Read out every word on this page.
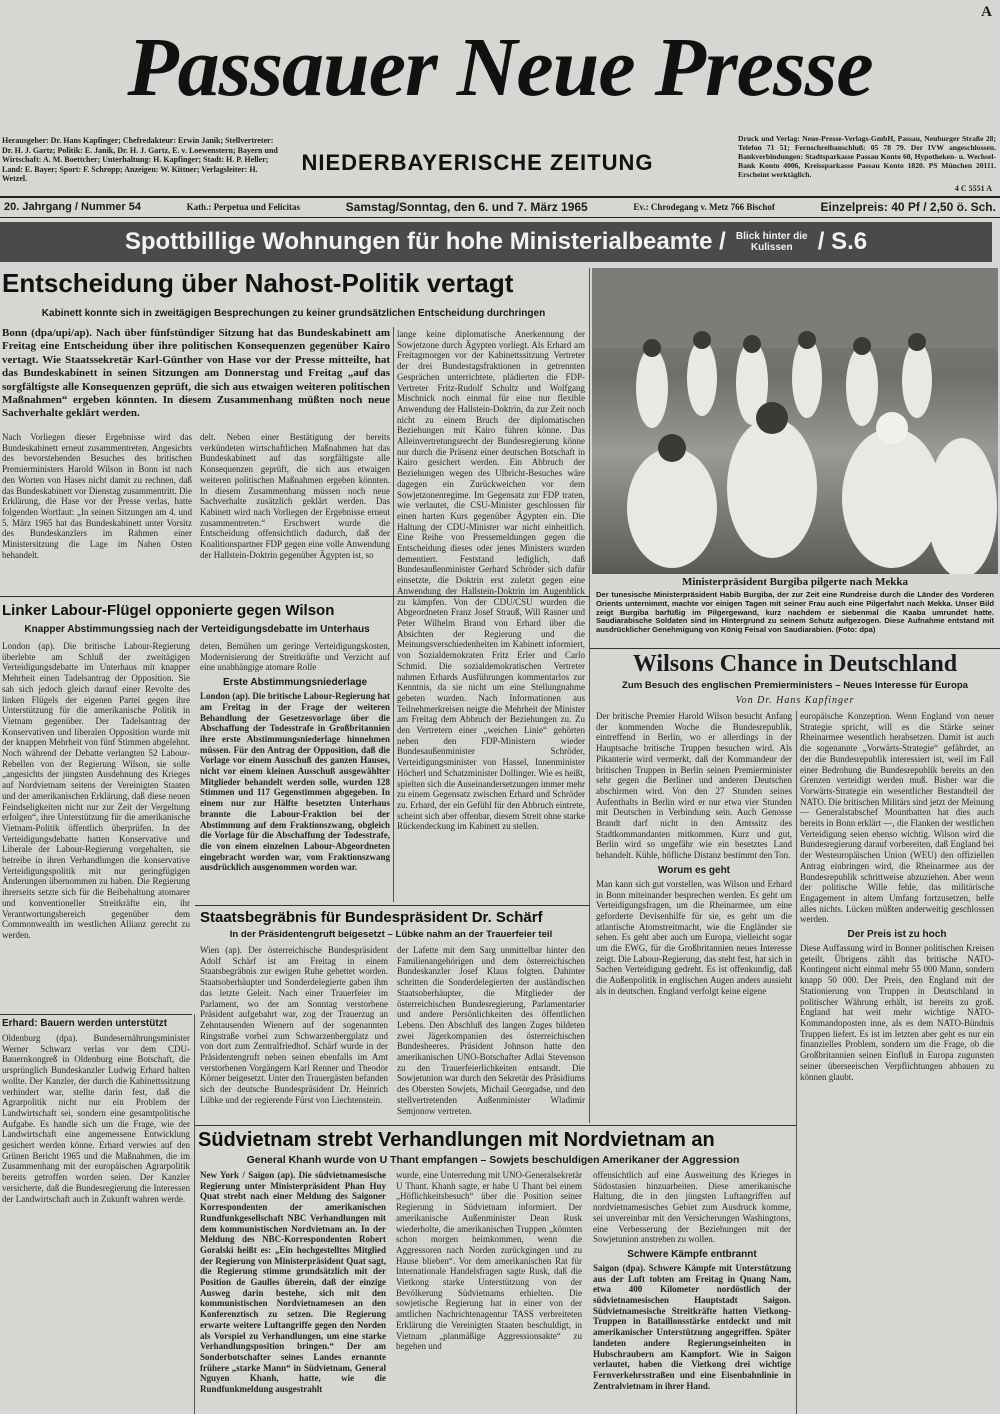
A
Passauer Neue Presse
Herausgeber: Dr. Hans Kapfinger; Chefredakteur: Erwin Janik; Stellvertreter: Dr. H. J. Gartz; Politik: E. Janik, Dr. H. J. Gartz, E. v. Loewenstern; Bayern und Wirtschaft: A. M. Boettcher; Unterhaltung: H. Kapfinger; Stadt: H. P. Heller; Land: E. Bayer; Sport: F. Schropp; Anzeigen: W. Kittner; Verlagsleiter: H. Wetzel.
NIEDERBAYERISCHE ZEITUNG
Druck und Verlag: Neue-Presse-Verlags-GmbH, Passau, Neuburger Straße 28; Telefon 71 51; Fernschreibanschluß: 05 78 79. Der IVW angeschlossen. Bankverbindungen: Stadtsparkasse Passau Konto 60, Hypotheken- u. Wechsel-Bank Konto 4006, Kreissparkasse Passau Konto 1820. PS München 20111. Erscheint werktäglich.
4 C 5551 A
20. Jahrgang / Nummer 54	Kath.: Perpetua und Felicitas	Samstag/Sonntag, den 6. und 7. März 1965	Ev.: Chrodegang v. Metz 766 Bischof	Einzelpreis: 40 Pf / 2,50 ö. Sch.
Spottbillige Wohnungen für hohe Ministerialbeamte / Blick hinter die Kulissen	/ S.6
Entscheidung über Nahost-Politik vertagt
Kabinett konnte sich in zweitägigen Besprechungen zu keiner grundsätzlichen Entscheidung durchringen
Bonn (dpa/upi/ap). Nach über fünfstündiger Sitzung hat das Bundeskabinett am Freitag eine Entscheidung über ihre politischen Konsequenzen gegenüber Kairo vertagt. Wie Staatssekretär Karl-Günther von Hase vor der Presse mitteilte, hat das Bundeskabinett in seinen Sitzungen am Donnerstag und Freitag „auf das sorgfältigste alle Konsequenzen geprüft, die sich aus etwaigen weiteren politischen Maßnahmen“ ergeben könnten. In diesem Zusammenhang müßten noch neue Sachverhalte geklärt werden.
Nach Vorliegen dieser Ergebnisse wird das Bundeskabinett erneut zusammentreten. Angesichts des bevorstehenden Besuches des britischen Premierministers Harold Wilson in Bonn ist nach den Worten von Hases nicht damit zu rechnen, daß das Bundeskabinett vor Dienstag zusammentritt. Die Erklärung, die Hase vor der Presse verlas, hatte folgenden Wortlaut: „In seinen Sitzungen am 4. und 5. März 1965 hat das Bundeskabinett unter Vorsitz des Bundeskanzlers im Rahmen einer Ministersitzung die Lage im Nahen Osten behandelt.
delt. Neben einer Bestätigung der bereits verkündeten wirtschaftlichen Maßnahmen hat das Bundeskabinett auf das sorgfältigste alle Konsequenzen geprüft, die sich aus etwaigen weiteren politischen Maßnahmen ergeben könnten. In diesem Zusammenhang müssen noch neue Sachverhalte zusätzlich geklärt werden. Das Kabinett wird nach Vorliegen der Ergebnisse erneut zusammentreten.“ Erschwert wurde die Entscheidung offensichtlich dadurch, daß der Koalitionspartner FDP gegen eine volle Anwendung der Hallstein-Doktrin gegenüber Ägypten ist, so
lange keine diplomatische Anerkennung der Sowjetzone durch Ägypten vorliegt. Als Erhard am Freitagmorgen vor der Kabinettssitzung Vertreter der drei Bundestagsfraktionen in getrennten Gesprächen unterrichtete, plädierten die FDP-Vertreter Fritz-Rudolf Schultz und Wolfgang Mischnick noch einmal für eine nur flexible Anwendung der Hallstein-Doktrin, da zur Zeit noch nicht zu einem Bruch der diplomatischen Beziehungen mit Kairo führen könne. Das Alleinvertretungsrecht der Bundesregierung könne nur durch die Präsenz einer deutschen Botschaft in Kairo gesichert werden. Ein Abbruch der Beziehungen wegen des Ulbricht-Besuches wäre dagegen ein Zurückweichen vor dem Sowjetzonenregime. Im Gegensatz zur FDP traten, wie verlautet, die CSU-Minister geschlossen für einen harten Kurs gegenüber Ägypten ein. Die Haltung der CDU-Minister war nicht einheitlich. Eine Reihe von Pressemeldungen gegen die Entscheidung dieses oder jenes Ministers wurden dementiert. Feststand lediglich, daß Bundesaußenminister Gerhard Schröder sich dafür einsetzte, die Doktrin erst zuletzt gegen eine Anwendung der Hallstein-Doktrin im Augenblick zu kämpfen. Von der CDU/CSU wurden die Abgeordneten Franz Josef Strauß, Will Rasner und Peter Wilhelm Brand von Erhard über die Absichten der Regierung und die Meinungsverschiedenheiten im Kabinett informiert, von Sozialdemokraten Fritz Erler und Carlo Schmid. Die sozialdemokratischen Vertreter nahmen Erhards Ausführungen kommentarlos zur Kenntnis, da sie nicht um eine Stellungnahme gebeten wurden. Nach Informationen aus Teilnehmerkreisen neigte die Mehrheit der Minister am Freitag dem Abbruch der Beziehungen zu. Zu den Vertretern einer „weichen Linie“ gehörten neben den FDP-Ministern wieder Bundesaußenminister Schröder, Verteidigungsminister von Hassel, Innenminister Höcherl und Schatzminister Dollinger. Wie es heißt, spielten sich die Auseinandersetzungen immer mehr zu einem Gegensatz zwischen Erhard und Schröder zu. Erhard, der ein Gefühl für den Abbruch eintrete, scheint sich aber offenbar, diesem Streit ohne starke Rückendeckung im Kabinett zu stellen.
Ministerpräsident Burgiba pilgerte nach Mekka
Der tunesische Ministerpräsident Habib Burgiba, der zur Zeit eine Rundreise durch die Länder des Vorderen Orients unternimmt, machte vor einigen Tagen mit seiner Frau auch eine Pilgerfahrt nach Mekka. Unser Bild zeigt Burgiba barfüßig im Pilgergewand, kurz nachdem er siebenmal die Kaaba umrundet hatte. Saudiarabische Soldaten sind im Hintergrund zu seinem Schutz aufgezogen. Diese Aufnahme entstand mit ausdrücklicher Genehmigung von König Feisal von Saudiarabien. (Foto: dpa)
Linker Labour-Flügel opponierte gegen Wilson
Knapper Abstimmungssieg nach der Verteidigungsdebatte im Unterhaus
London (ap). Die britische Labour-Regierung überlebte am Schluß der zweitägigen Verteidigungsdebatte im Unterhaus mit knapper Mehrheit einen Tadelsantrag der Opposition. Sie sah sich jedoch gleich darauf einer Revolte des linken Flügels der eigenen Partei gegen ihre Unterstützung für die amerikanische Politik in Vietnam gegenüber. Der Tadelsantrag der Konservativen und liberalen Opposition wurde mit der knappen Mehrheit von fünf Stimmen abgelehnt. Noch während der Debatte verlangten 52 Labour-Rebellen von der Regierung Wilson, sie solle „angesichts der jüngsten Ausdehnung des Krieges auf Nordvietnam seitens der Vereinigten Staaten und der amerikanischen Erklärung, daß diese neuen Feindseligkeiten nicht nur zur Zeit der Vergeltung erfolgen“, ihre Unterstützung für die amerikanische Vietnam-Politik öffentlich überprüfen. In der Verteidigungsdebatte hatten Konservative und Liberale der Labour-Regierung vorgehalten, sie betreibe in ihren Verhandlungen die konservative Verteidigungspolitik mit nur geringfügigen Änderungen übernommen zu haben. Die Regierung ihrerseits setzte sich für die Beibehaltung atomarer und konventioneller Streitkräfte ein, ihr Verantwortungsbereich gegenüber dem Commonwealth im westlichen Allianz gerecht zu werden.
deten, Bemühen um geringe Verteidigungskosten, Modernisierung der Streitkräfte und Verzicht auf eine unabhängige atomare Rolle
Erste Abstimmungsniederlage
London (ap). Die britische Labour-Regierung hat am Freitag in der Frage der weiteren Behandlung der Gesetzesvorlage über die Abschaffung der Todesstrafe in Großbritannien ihre erste Abstimmungsniederlage hinnehmen müssen. Für den Antrag der Opposition, daß die Vorlage vor einem Ausschuß des ganzen Hauses, nicht vor einem kleinen Ausschuß ausgewählter Mitglieder behandelt werden solle, wurden 128 Stimmen und 117 Gegenstimmen abgegeben. In einem nur zur Hälfte besetzten Unterhaus brannte die Labour-Fraktion bei der Abstimmung auf dem Fraktionszwang, obgleich die Vorlage für die Abschaffung der Todesstrafe, die von einem einzelnen Labour-Abgeordneten eingebracht worden war, vom Fraktionszwang ausdrücklich ausgenommen worden war.
Staatsbegräbnis für Bundespräsident Dr. Schärf
In der Präsidentengruft beigesetzt – Lübke nahm an der Trauerfeier teil
Wien (ap). Der österreichische Bundespräsident Adolf Schärf ist am Freitag in einem Staatsbegräbnis zur ewigen Ruhe gebettet worden. Staatsoberhäupter und Sonderdelegierte gaben ihm das letzte Geleit. Nach einer Trauerfeier im Parlament, wo der am Sonntag verstorbene Präsident aufgebahrt war, zog der Trauerzug an Zehntausenden Wienern auf der sogenannten Ringstraße vorbei zum Schwarzenbergplatz und von dort zum Zentralfriedhof. Schärf wurde in der Präsidentengruft neben seinen ebenfalls im Amt verstorbenen Vorgängern Karl Renner und Theodor Körner beigesetzt. Unter den Trauergästen befanden sich der deutsche Bundespräsident Dr. Heinrich Lübke und der regierende Fürst von Liechtenstein.
der Lafette mit dem Sarg unmittelbar hinter den Familienangehörigen und dem österreichischen Bundeskanzler Josef Klaus folgten. Dahinter schritten die Sonderdelegierten der ausländischen Staatsoberhäupter, die Mitglieder der österreichischen Bundesregierung, Parlamentarier und andere Persönlichkeiten des öffentlichen Lebens. Den Abschluß des langen Zuges bildeten zwei Jägerkompanien des österreichischen Bundesheeres. Präsident Johnson hatte den amerikanischen UNO-Botschafter Adlai Stevenson zu den Trauerfeierlichkeiten entsandt. Die Sowjetunion war durch den Sekretär des Präsidiums des Obersten Sowjets, Michail Georgadse, und den stellvertretenden Außenminister Wladimir Semjonow vertreten.
Erhard: Bauern werden unterstützt
Oldenburg (dpa). Bundesernährungsminister Werner Schwarz verlas vor dem CDU-Bauernkongreß in Oldenburg eine Botschaft, die ursprünglich Bundeskanzler Ludwig Erhard halten wollte. Der Kanzler, der durch die Kabinettssitzung verhindert war, stellte darin fest, daß die Agrarpolitik nicht nur ein Problem der Landwirtschaft sei, sondern eine gesamtpolitische Aufgabe. Es handle sich um die Frage, wie der Landwirtschaft eine angemessene Entwicklung gesichert werden könne. Erhard verwies auf den Grünen Bericht 1965 und die Maßnahmen, die im Zusammenhang mit der europäischen Agrarpolitik bereits getroffen worden seien. Der Kanzler versicherte, daß die Bundesregierung die Interessen der Landwirtschaft auch in Zukunft wahren werde.
Wilsons Chance in Deutschland
Zum Besuch des englischen Premierministers – Neues Interesse für Europa
Von Dr. Hans Kapfinger
Der britische Premier Harold Wilson besucht Anfang der kommenden Woche die Bundesrepublik, eintreffend in Berlin, wo er allerdings in der Hauptsache britische Truppen besuchen wird. Als Pikanterie wird vermerkt, daß der Kommandeur der britischen Truppen in Berlin seinen Premierminister sehr gegen die Berliner und anderen Deutschen abschirmen wird. Von den 27 Stunden seines Aufenthalts in Berlin wird er nur etwa vier Stunden mit Deutschen in Verbindung sein. Auch Genosse Brandt darf nicht in den Amtssitz des Stadtkommandanten mitkommen. Kurz und gut, Berlin wird so ungefähr wie ein besetztes Land behandelt. Kühle, höfliche Distanz bestimmt den Ton.
Worum es geht
Man kann sich gut vorstellen, was Wilson und Erhard in Bonn miteinander besprechen werden. Es geht um Verteidigungsfragen, um die Rheinarmee, um eine geforderte Devisenhilfe für sie, es geht um die atlantische Atomstreitmacht, wie die Engländer sie sehen. Es geht aber auch um Europa, vielleicht sogar um die EWG, für die Großbritannien neues Interesse zeigt. Die Labour-Regierung, das steht fest, hat sich in Sachen Verteidigung gedreht. Es ist offenkundig, daß die Außenpolitik in englischen Augen anders aussieht als in deutschen. England verfolgt keine eigene
europäische Konzeption. Wenn England von neuer Strategie spricht, will es die Stärke seiner Rheinarmee wesentlich herabsetzen. Damit ist auch die sogenannte „Vorwärts-Strategie“ gefährdet, an der die Bundesrepublik interessiert ist, weil im Fall einer Bedrohung die Bundesrepublik bereits an den Grenzen verteidigt werden muß. Bisher war die Vorwärts-Strategie ein wesentlicher Bestandteil der NATO. Die britischen Militärs sind jetzt der Meinung — Generalstabschef Mountbatten hat dies auch bereits in Bonn erklärt —, die Flanken der westlichen Verteidigung seien ebenso wichtig. Wilson wird die Bundesregierung darauf vorbereiten, daß England bei der Westeuropäischen Union (WEU) den offiziellen Antrag einbringen wird, die Rheinarmee aus der Bundesrepublik schrittweise abzuziehen. Aber wenn der politische Wille fehle, das militärische Engagement in altem Umfang fortzusetzen, helfe alles nichts. Lücken müßten anderweitig geschlossen werden.
Der Preis ist zu hoch
Diese Auffassung wird in Bonner politischen Kreisen geteilt. Übrigens zählt das britische NATO-Kontingent nicht einmal mehr 55 000 Mann, sondern knapp 50 000. Der Preis, den England mit der Stationierung von Truppen in Deutschland in politischer Währung erhält, ist bereits zu groß. England hat weit mehr wichtige NATO-Kommandoposten inne, als es dem NATO-Bündnis Truppen liefert. Es ist im letzten aber geht es nur ein finanzielles Problem, sondern um die Frage, ob die Großbritannien seinen Einfluß in Europa zugunsten seiner überseeischen Verpflichtungen abbauen zu können glaubt.
Südvietnam strebt Verhandlungen mit Nordvietnam an
General Khanh wurde von U Thant empfangen – Sowjets beschuldigen Amerikaner der Aggression
New York / Saigon (ap). Die südvietnamesische Regierung unter Ministerpräsident Phan Huy Quat strebt nach einer Meldung des Saigoner Korrespondenten der amerikanischen Rundfunkgesellschaft NBC Verhandlungen mit dem kommunistischen Nordvietnam an. In der Meldung des NBC-Korrespondenten Robert Goralski heißt es: „Ein hochgestelltes Mitglied der Regierung von Ministerpräsident Quat sagt, die Regierung stimme grundsätzlich mit der Position de Gaulles überein, daß der einzige Ausweg darin bestehe, sich mit den kommunistischen Nordvietnamesen an den Konferenztisch zu setzen. Die Regierung erwarte weitere Luftangriffe gegen den Norden als Vorspiel zu Verhandlungen, um eine starke Verhandlungsposition bringen.“ Der am Sonderbotschafter seines Landes ernannte frühere „starke Mann“ in Südvietnam, General Nguyen Khanh, hatte, wie die Rundfunkmeldung ausgestrahlt
wurde, eine Unterredung mit UNO-Generalsekretär U Thant. Khanh sagte, er habe U Thant bei einem „Höflichkeitsbesuch“ über die Position seiner Regierung in Südvietnam informiert. Der amerikanische Außenminister Dean Rusk wiederholte, die amerikanischen Truppen „könnten schon morgen heimkommen, wenn die Aggressoren nach Norden zurückgingen und zu Hause blieben“. Vor dem amerikanischen Rat für Internationale Handelsfragen sagte Rusk, daß die Vietkong starke Unterstützung von der Bevölkerung Südvietnams erhielten. Die sowjetische Regierung hat in einer von der amtlichen Nachrichtenagentur TASS verbreiteten Erklärung die Vereinigten Staaten beschuldigt, in Vietnam „planmäßige Aggressionsakte“ zu begehen und
offensichtlich auf eine Ausweitung des Krieges in Südostasien hinzuarbeiten. Diese amerikanische Haltung, die in den jüngsten Luftangriffen auf nordvietnamesisches Gebiet zum Ausdruck komme, sei unvereinbar mit den Versicherungen Washingtons, eine Verbesserung der Beziehungen mit der Sowjetunion anstreben zu wollen.
Schwere Kämpfe entbrannt
Saigon (dpa). Schwere Kämpfe mit Unterstützung aus der Luft tobten am Freitag in Quang Nam, etwa 400 Kilometer nordöstlich der südvietnamesischen Hauptstadt Saigon. Südvietnamesische Streitkräfte hatten Vietkong-Truppen in Bataillonsstärke entdeckt und mit amerikanischer Unterstützung angegriffen. Später landeten andere Regierungseinheiten in Hubschraubern am Kampfort. Wie in Saigon verlautet, haben die Vietkong drei wichtige Fernverkehrsstraßen und eine Eisenbahnlinie in Zentralvietnam in ihrer Hand.
